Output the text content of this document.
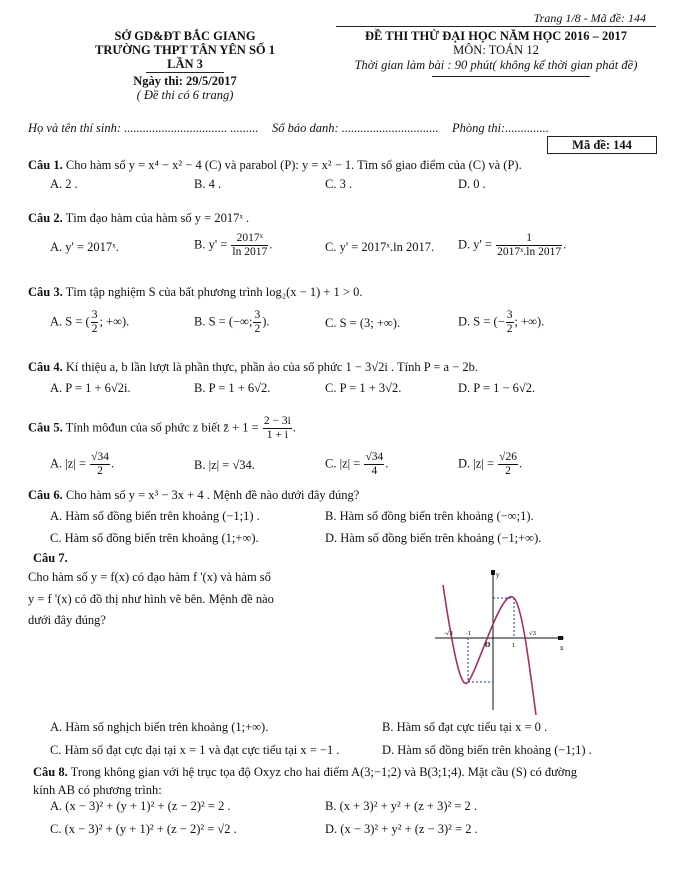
Trang 1/8 - Mã đề: 144
SỞ GD&ĐT BẮC GIANG
TRƯỜNG THPT TÂN YÊN SỐ 1
LẦN 3
Ngày thi: 29/5/2017
( Đề thi có 6 trang)
ĐỀ THI THỬ ĐẠI HỌC NĂM HỌC 2016 – 2017
MÔN: TOÁN 12
Thời gian làm bài : 90 phút( không kể thời gian phát đề)
Họ và tên thí sinh: ................................. ......... Số báo danh: ............................... Phòng thi:..............
Mã đề: 144
Câu 1. Cho hàm số y = x⁴ − x² − 4 (C) và parabol (P): y = x² − 1. Tìm số giao điểm của (C) và (P).
A. 2 .	B. 4 .	C. 3 .	D. 0 .
Câu 2. Tìm đạo hàm của hàm số y = 2017ˣ .
A. y' = 2017ˣ.	B. $y' = \frac{\text{2017ˣ}}{\ln 2017}$ .	C. y' = 2017ˣ.ln 2017. D. $y' = \frac{1}{\text{2017ˣ.ln 2017}}$ .
Câu 3. Tìm tập nghiệm S của bất phương trình log₂(x − 1) + 1 > 0.
A. S = ( $\frac{3}{2}$ ; +∞).	B. S = (−∞; $\frac{3}{2}$ ).	C. S = (3; +∞).	D. S = (− $\frac{3}{2}$ ; +∞).
Câu 4. Kí thiệu a, b lần lượt là phần thực, phần ảo của số phức 1 − 3√2i . Tính P = a − 2b.
A. P = 1 + 6√2i.	B. P = 1 + 6√2.	C. P = 1 + 3√2.	D. P = 1 − 6√2.
Câu 5. Tính môđun của số phức z biết z̄ + $1 = \frac{2 - 3i}{1 + i}$ .
A. $|z| = \frac{√34}{2}$ .	B. |z| = √34.	C. $|z| = \frac{√34}{4}$ .	D. $|z| = \frac{√26}{2}$ .
Câu 6. Cho hàm số y = x³ − 3x + 4 . Mệnh đề nào dưới đây đúng?
A. Hàm số đồng biến trên khoảng (−1;1) .	B. Hàm số đồng biến trên khoảng (−∞;1).
C. Hàm số đồng biến trên khoảng (1;+∞).	D. Hàm số đồng biến trên khoảng (−1;+∞).
Câu 7.
Cho hàm số y = f(x) có đạo hàm f '(x) và hàm số
y = f '(x) có đồ thị như hình vẽ bên. Mệnh đề nào
dưới đây đúng?
y
x
O
-√3 -1
1
√3
A. Hàm số nghịch biến trên khoảng (1;+∞).	B. Hàm số đạt cực tiểu tại x = 0 .
C. Hàm số đạt cực đại tại x = 1 và đạt cực tiểu tại x = −1 .	D. Hàm số đồng biến trên khoảng (−1;1) .
Câu 8. Trong không gian với hệ trục tọa độ Oxyz cho hai điểm A(3;−1;2) và B(3;1;4). Mặt cầu (S) có đường
kính AB có phương trình:
A. (x − 3)² + (y + 1)² + (z − 2)² = 2 .	B. (x + 3)² + y² + (z + 3)² = 2 .
C. (x − 3)² + (y + 1)² + (z − 2)² = √2 .	D. (x − 3)² + y² + (z − 3)² = 2 .
